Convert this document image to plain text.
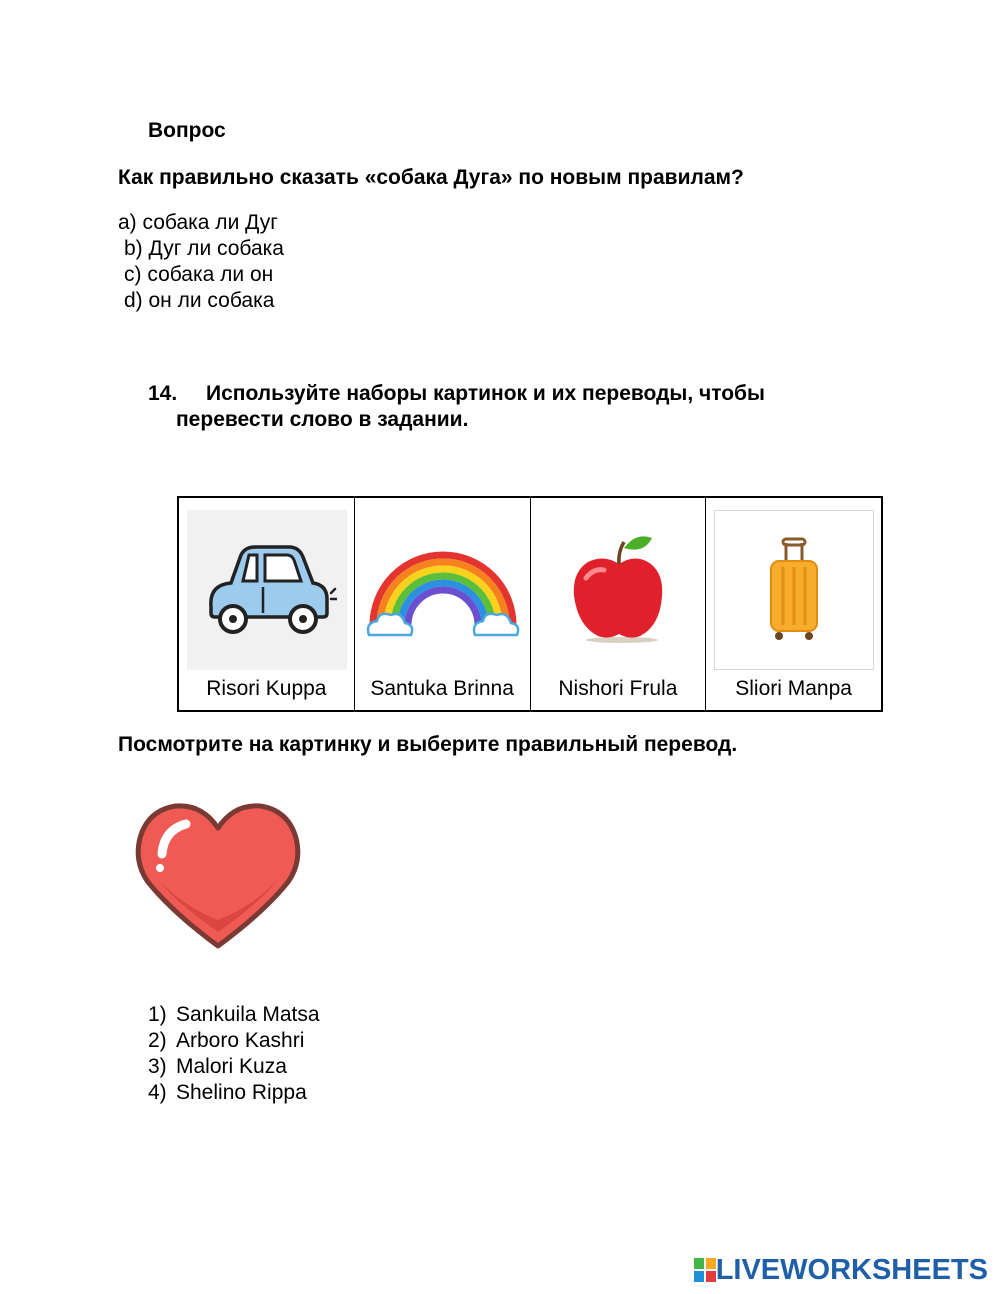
Вопрос
Как правильно сказать «собака Дуга» по новым правилам?
a) собака ли Дуг
b) Дуг ли собака
c) собака ли он
d) он ли собака
14. Используйте наборы картинок и их переводы, чтобы
перевести слово в задании.
Risori Kuppa	Santuka Brinna	Nishori Frula	Sliori Manpa
Посмотрите на картинку и выберите правильный перевод.
1) Sankuila Matsa
2) Arboro Kashri
3) Malori Kuza
4) Shelino Rippa
LIVEWORKSHEETS
